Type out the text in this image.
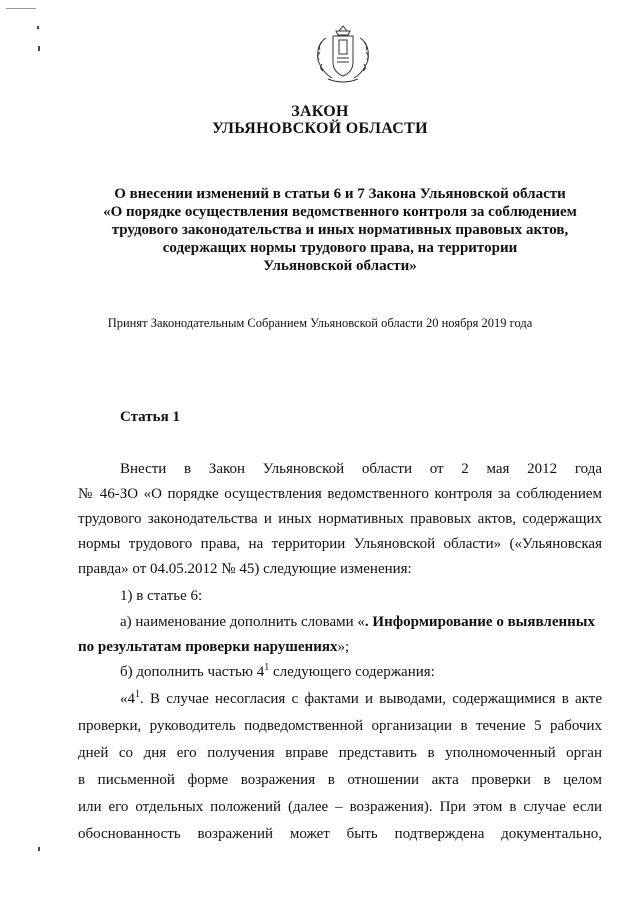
ЗАКОН
УЛЬЯНОВСКОЙ ОБЛАСТИ
О внесении изменений в статьи 6 и 7 Закона Ульяновской области
«О порядке осуществления ведомственного контроля за соблюдением
трудового законодательства и иных нормативных правовых актов,
содержащих нормы трудового права, на территории
Ульяновской области»
Принят Законодательным Собранием Ульяновской области 20 ноября 2019 года
Статья 1
Внести в Закон Ульяновской области от 2 мая 2012 года
№ 46-ЗО «О порядке осуществления ведомственного контроля за соблюдением
трудового законодательства и иных нормативных правовых актов, содержащих
нормы трудового права, на территории Ульяновской области» («Ульяновская
правда» от 04.05.2012 № 45) следующие изменения:
1) в статье 6:
а) наименование дополнить словами «. Информирование о выявленных
по результатам проверки нарушениях»;
б) дополнить частью $4^1$ следующего содержания:
«$4^1$. В случае несогласия с фактами и выводами, содержащимися в акте
проверки, руководитель подведомственной организации в течение 5 рабочих
дней со дня его получения вправе представить в уполномоченный орган
в письменной форме возражения в отношении акта проверки в целом
или его отдельных положений (далее – возражения). При этом в случае если
обоснованность возражений может быть подтверждена документально,
